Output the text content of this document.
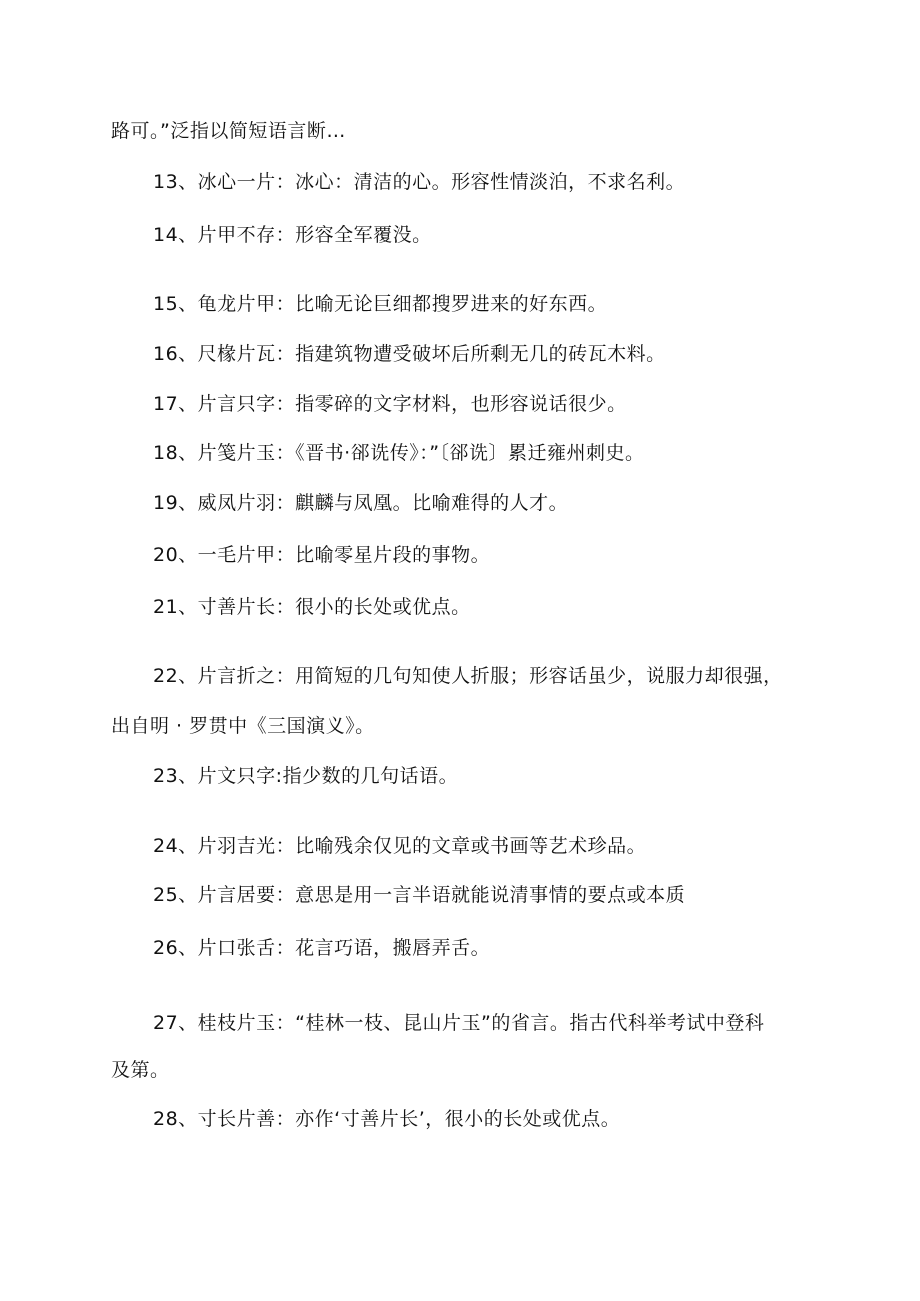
路可。”泛指以简短语言断…
13、冰心一片：冰心：清洁的心。形容性情淡泊，不求名利。
14、片甲不存：形容全军覆没。
15、龟龙片甲：比喻无论巨细都搜罗进来的好东西。
16、尺椽片瓦：指建筑物遭受破坏后所剩无几的砖瓦木料。
17、片言只字：指零碎的文字材料，也形容说话很少。
18、片笺片玉：《晋书·郤诜传》：”〔郤诜〕累迁雍州刺史。
19、威凤片羽：麒麟与凤凰。比喻难得的人才。
20、一毛片甲：比喻零星片段的事物。
21、寸善片长：很小的长处或优点。
22、片言折之：用简短的几句知使人折服；形容话虽少，说服力却很强，
出自明 · 罗贯中《三国演义》。
23、片文只字:指少数的几句话语。
24、片羽吉光：比喻残余仅见的文章或书画等艺术珍品。
25、片言居要：意思是用一言半语就能说清事情的要点或本质
26、片口张舌：花言巧语，搬唇弄舌。
27、桂枝片玉：“桂林一枝、昆山片玉”的省言。指古代科举考试中登科
及第。
28、寸长片善：亦作‘寸善片长’，很小的长处或优点。
